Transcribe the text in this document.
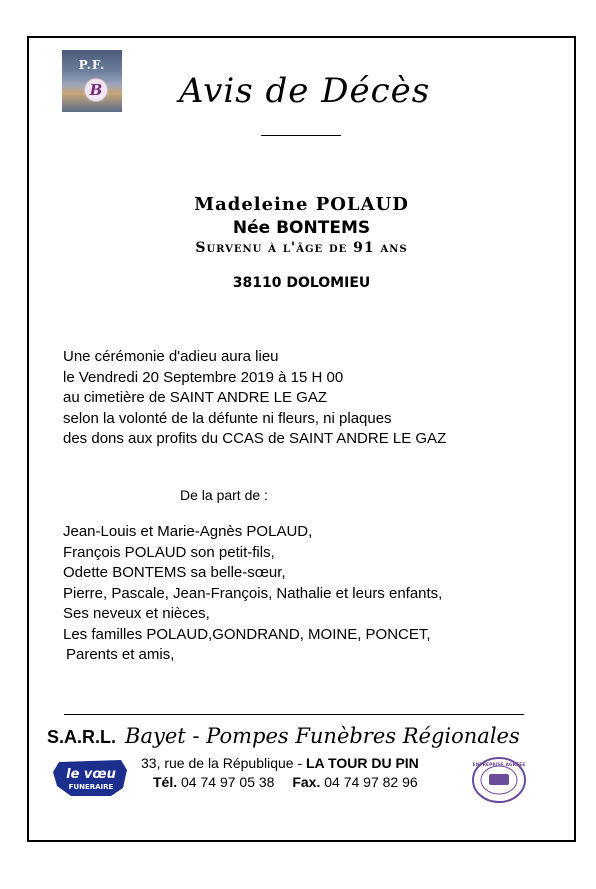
P.F.
B Avis de Décès
Madeleine POLAUD
Née BONTEMS
Survenu à l'âge de 91 ans
38110 DOLOMIEU
Une cérémonie d'adieu aura lieu
le Vendredi 20 Septembre 2019 à 15 H 00
au cimetière de SAINT ANDRE LE GAZ
selon la volonté de la défunte ni fleurs, ni plaques
des dons aux profits du CCAS de SAINT ANDRE LE GAZ
De la part de :
Jean-Louis et Marie-Agnès POLAUD,
François POLAUD son petit-fils,
Odette BONTEMS sa belle-sœur,
Pierre, Pascale, Jean-François, Nathalie et leurs enfants,
Ses neveux et nièces,
Les familles POLAUD,GONDRAND, MOINE, PONCET,
Parents et amis,
S.A.R.L. Bayet - Pompes Funèbres Régionales
33, rue de la République - LA TOUR DU PIN
Tél. 04 74 97 05 38 Fax. 04 74 97 82 96
le vœu
FUNERAIRE
ENTREPRISE AGRÉÉE
